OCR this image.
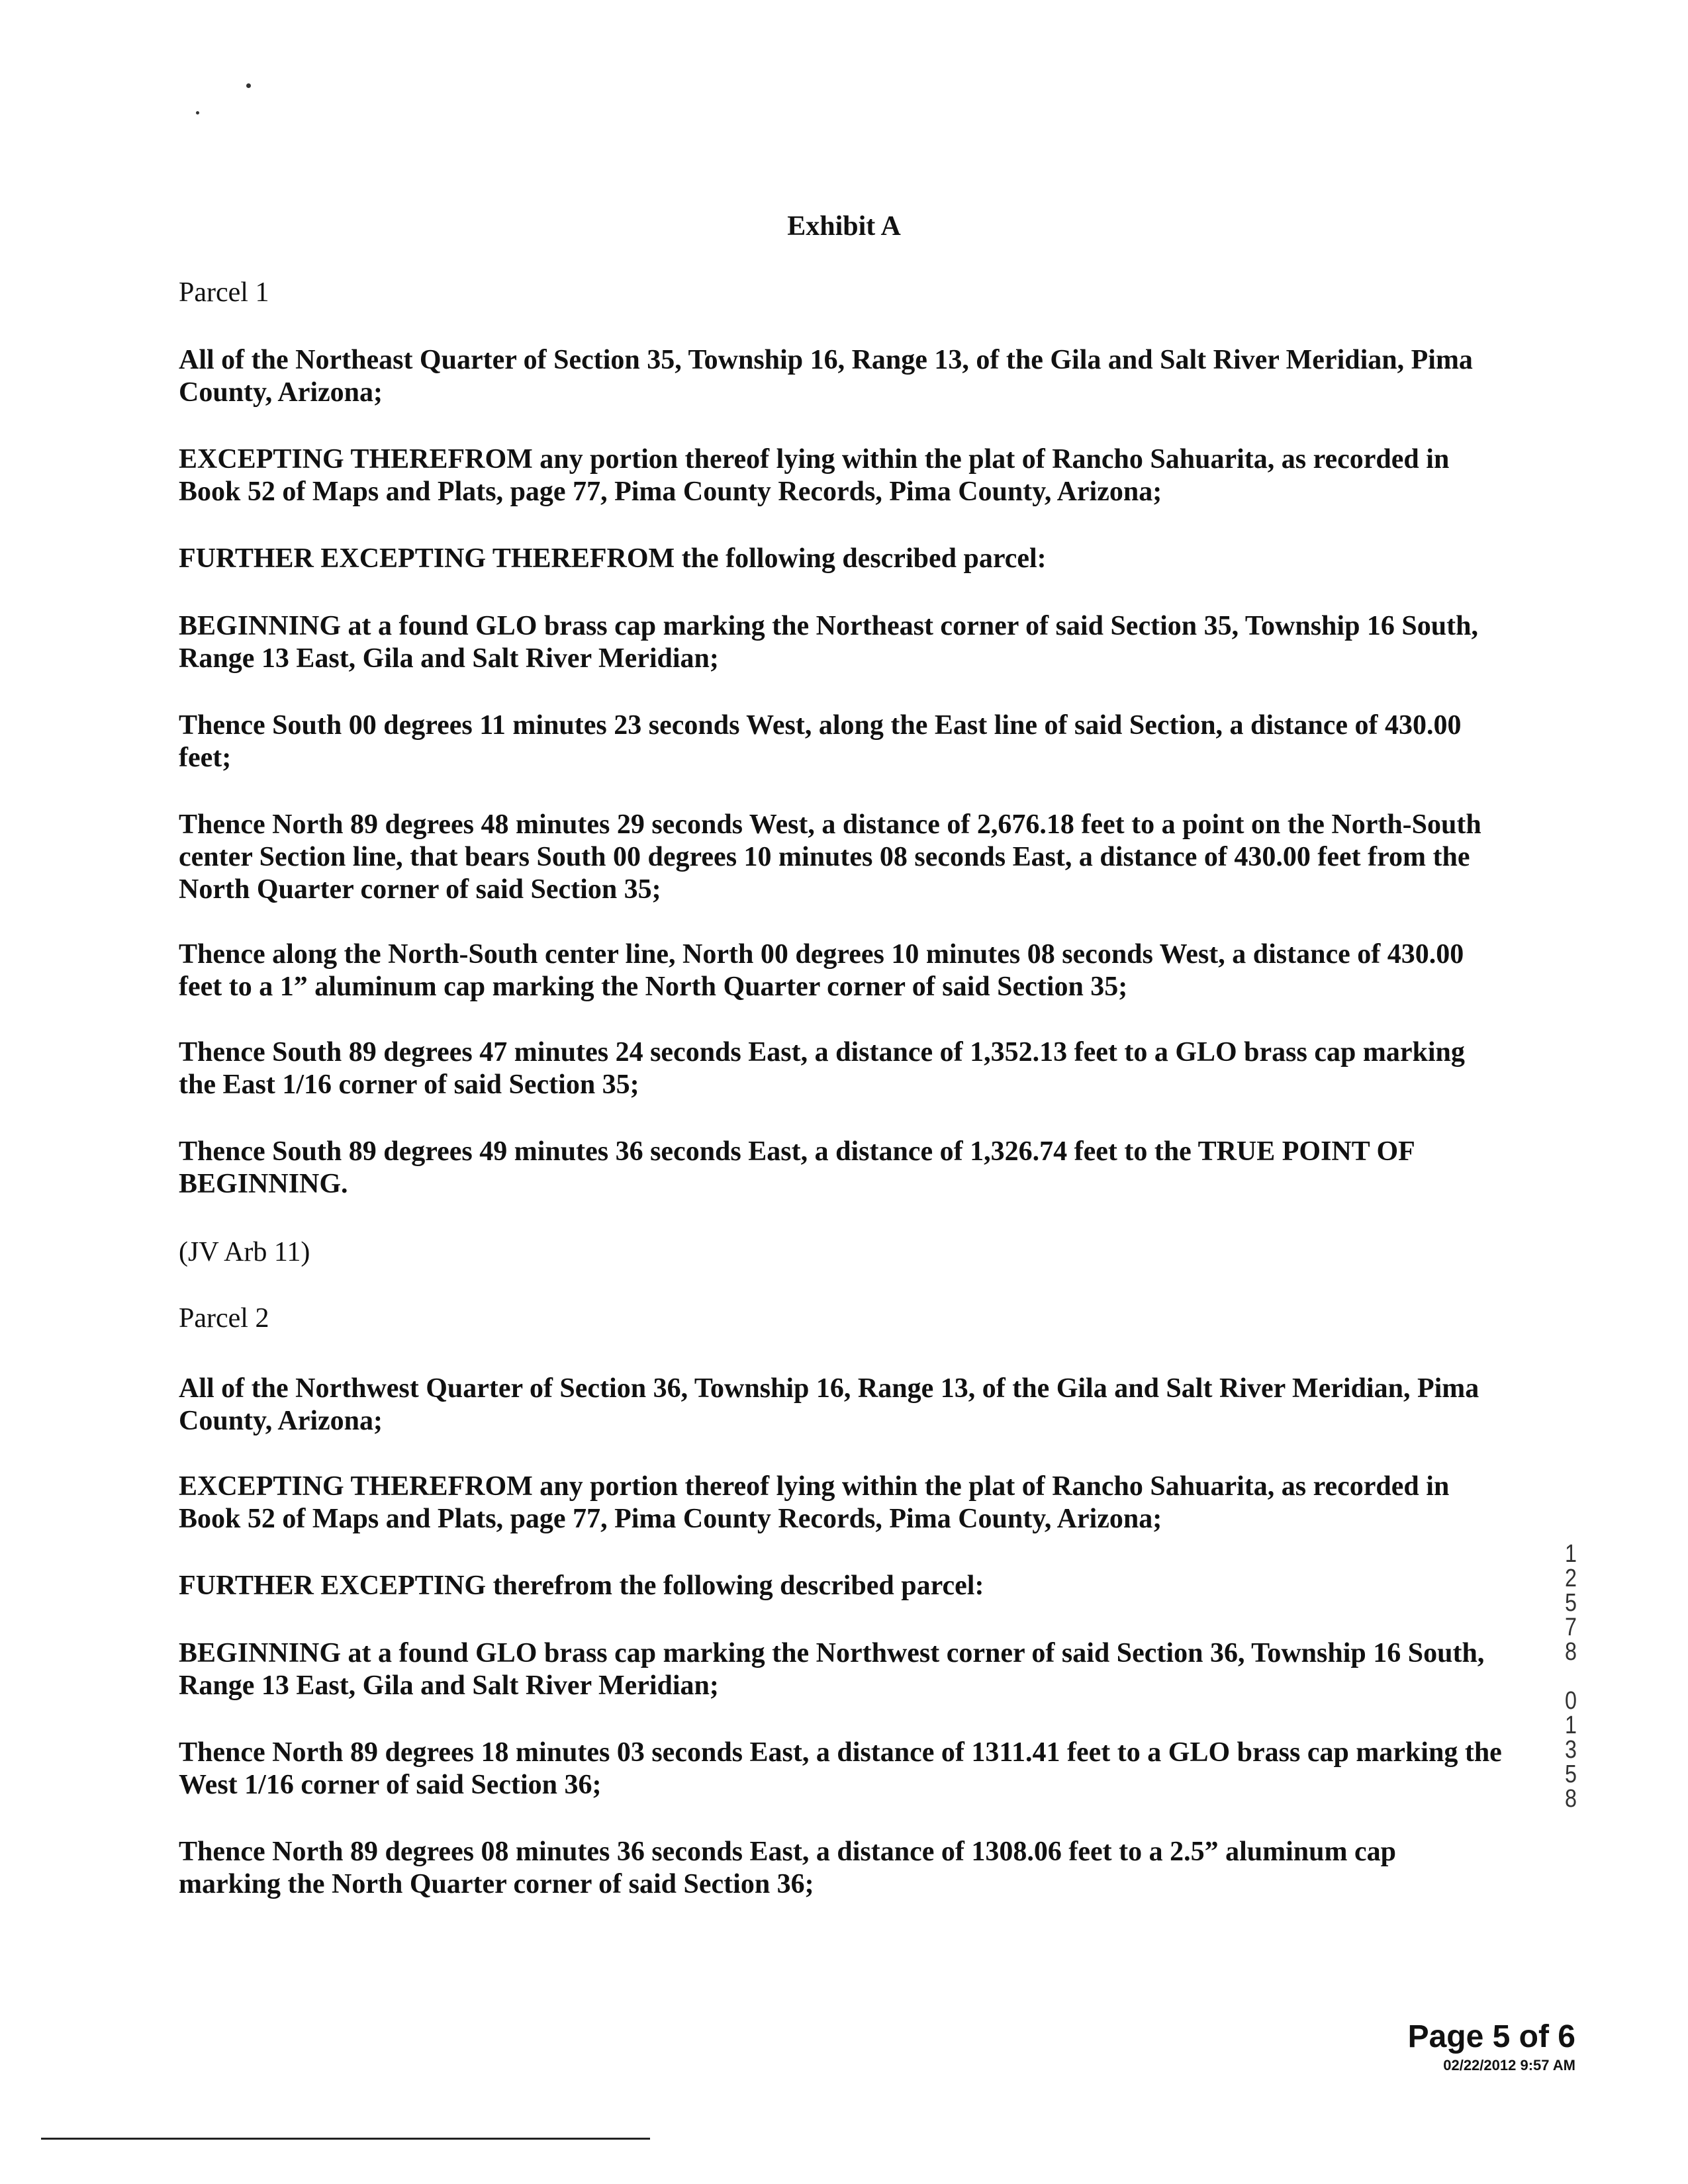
Exhibit A

Parcel 1

All of the Northeast Quarter of Section 35, Township 16, Range 13, of the Gila and Salt River Meridian, Pima County, Arizona;

EXCEPTING THEREFROM any portion thereof lying within the plat of Rancho Sahuarita, as recorded in Book 52 of Maps and Plats, page 77, Pima County Records, Pima County, Arizona;

FURTHER EXCEPTING THEREFROM the following described parcel:

BEGINNING at a found GLO brass cap marking the Northeast corner of said Section 35, Township 16 South, Range 13 East, Gila and Salt River Meridian;

Thence South 00 degrees 11 minutes 23 seconds West, along the East line of said Section, a distance of 430.00 feet;

Thence North 89 degrees 48 minutes 29 seconds West, a distance of 2,676.18 feet to a point on the North-South center Section line, that bears South 00 degrees 10 minutes 08 seconds East, a distance of 430.00 feet from the North Quarter corner of said Section 35;

Thence along the North-South center line, North 00 degrees 10 minutes 08 seconds West, a distance of 430.00 feet to a 1” aluminum cap marking the North Quarter corner of said Section 35;

Thence South 89 degrees 47 minutes 24 seconds East, a distance of 1,352.13 feet to a GLO brass cap marking the East 1/16 corner of said Section 35;

Thence South 89 degrees 49 minutes 36 seconds East, a distance of 1,326.74 feet to the TRUE POINT OF BEGINNING.

(JV Arb 11)

Parcel 2

All of the Northwest Quarter of Section 36, Township 16, Range 13, of the Gila and Salt River Meridian, Pima County, Arizona;

EXCEPTING THEREFROM any portion thereof lying within the plat of Rancho Sahuarita, as recorded in Book 52 of Maps and Plats, page 77, Pima County Records, Pima County, Arizona;

FURTHER EXCEPTING therefrom the following described parcel:

BEGINNING at a found GLO brass cap marking the Northwest corner of said Section 36, Township 16 South, Range 13 East, Gila and Salt River Meridian;

Thence North 89 degrees 18 minutes 03 seconds East, a distance of 1311.41 feet to a GLO brass cap marking the West 1/16 corner of said Section 36;

Thence North 89 degrees 08 minutes 36 seconds East, a distance of 1308.06 feet to a 2.5” aluminum cap marking the North Quarter corner of said Section 36;

1
2
5
7
8

0
1
3
5
8
Page 5 of 6
02/22/2012 9:57 AM
